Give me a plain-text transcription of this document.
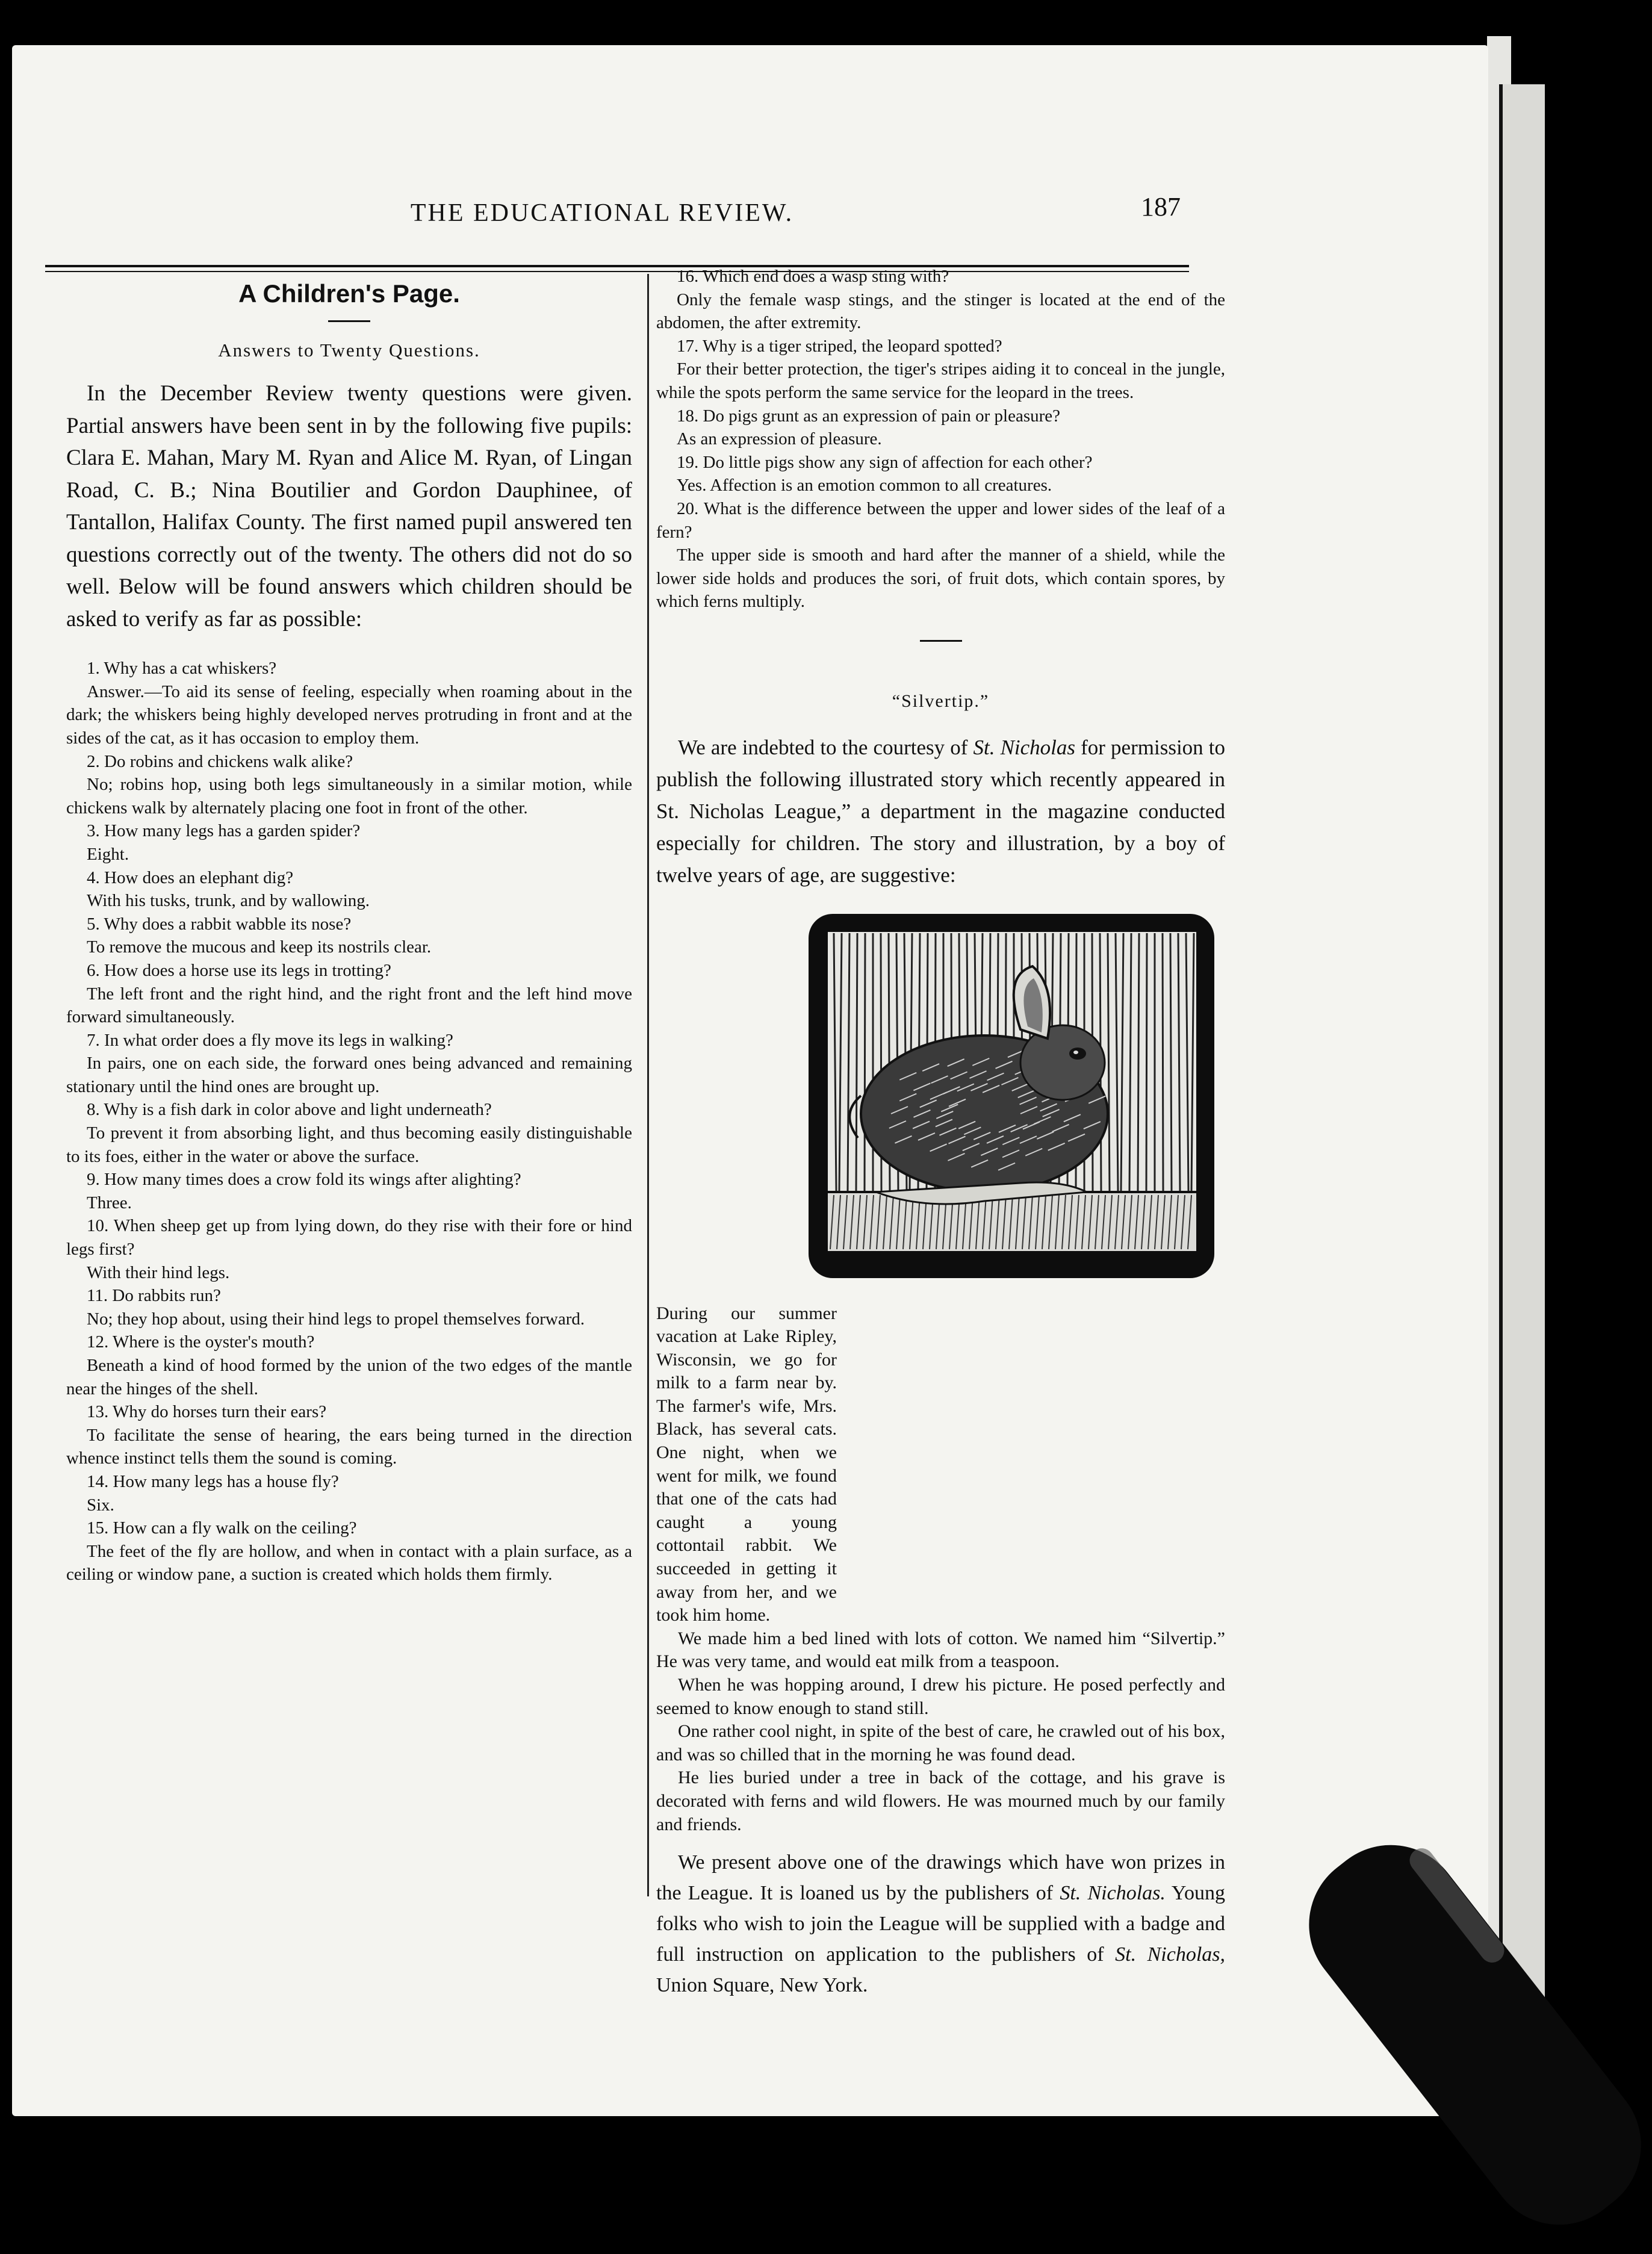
THE EDUCATIONAL REVIEW.	187
A Children's Page.
Answers to Twenty Questions.

In the December Review twenty questions were given. Partial answers have been sent in by the following five pupils: Clara E. Mahan, Mary M. Ryan and Alice M. Ryan, of Lingan Road, C. B.; Nina Boutilier and Gordon Dauphinee, of Tantallon, Halifax County. The first named pupil answered ten questions correctly out of the twenty. The others did not do so well. Below will be found answers which children should be asked to verify as far as possible:

1. Why has a cat whiskers?

Answer.—To aid its sense of feeling, especially when roaming about in the dark; the whiskers being highly developed nerves protruding in front and at the sides of the cat, as it has occasion to employ them.

2. Do robins and chickens walk alike?

No; robins hop, using both legs simultaneously in a similar motion, while chickens walk by alternately placing one foot in front of the other.

3. How many legs has a garden spider?

Eight.

4. How does an elephant dig?

With his tusks, trunk, and by wallowing.

5. Why does a rabbit wabble its nose?

To remove the mucous and keep its nostrils clear.

6. How does a horse use its legs in trotting?

The left front and the right hind, and the right front and the left hind move forward simultaneously.

7. In what order does a fly move its legs in walking?

In pairs, one on each side, the forward ones being advanced and remaining stationary until the hind ones are brought up.

8. Why is a fish dark in color above and light underneath?

To prevent it from absorbing light, and thus becoming easily distinguishable to its foes, either in the water or above the surface.

9. How many times does a crow fold its wings after alighting?

Three.

10. When sheep get up from lying down, do they rise with their fore or hind legs first?

With their hind legs.

11. Do rabbits run?

No; they hop about, using their hind legs to propel themselves forward.

12. Where is the oyster's mouth?

Beneath a kind of hood formed by the union of the two edges of the mantle near the hinges of the shell.

13. Why do horses turn their ears?

To facilitate the sense of hearing, the ears being turned in the direction whence instinct tells them the sound is coming.

14. How many legs has a house fly?

Six.

15. How can a fly walk on the ceiling?

The feet of the fly are hollow, and when in contact with a plain surface, as a ceiling or window pane, a suction is created which holds them firmly.

16. Which end does a wasp sting with?

Only the female wasp stings, and the stinger is located at the end of the abdomen, the after extremity.

17. Why is a tiger striped, the leopard spotted?

For their better protection, the tiger's stripes aiding it to conceal in the jungle, while the spots perform the same service for the leopard in the trees.

18. Do pigs grunt as an expression of pain or pleasure?

As an expression of pleasure.

19. Do little pigs show any sign of affection for each other?

Yes. Affection is an emotion common to all creatures.

20. What is the difference between the upper and lower sides of the leaf of a fern?

The upper side is smooth and hard after the manner of a shield, while the lower side holds and produces the sori, of fruit dots, which contain spores, by which ferns multiply.

“Silvertip.”

We are indebted to the courtesy of St. Nicholas for permission to publish the following illustrated story which recently appeared in St. Nicholas League,” a department in the magazine conducted especially for children. The story and illustration, by a boy of twelve years of age, are suggestive:

During our summer vacation at Lake Ripley, Wisconsin, we go for milk to a farm near by. The farmer's wife, Mrs. Black, has several cats. One night, when we went for milk, we found that one of the cats had caught a young cottontail rabbit. We succeeded in getting it away from her, and we took him home.

We made him a bed lined with lots of cotton. We named him “Silvertip.” He was very tame, and would eat milk from a teaspoon.

When he was hopping around, I drew his picture. He posed perfectly and seemed to know enough to stand still.

One rather cool night, in spite of the best of care, he crawled out of his box, and was so chilled that in the morning he was found dead.

He lies buried under a tree in back of the cottage, and his grave is decorated with ferns and wild flowers. He was mourned much by our family and friends.

We present above one of the drawings which have won prizes in the League. It is loaned us by the publishers of St. Nicholas. Young folks who wish to join the League will be supplied with a badge and full instruction on application to the publishers of St. Nicholas, Union Square, New York.
